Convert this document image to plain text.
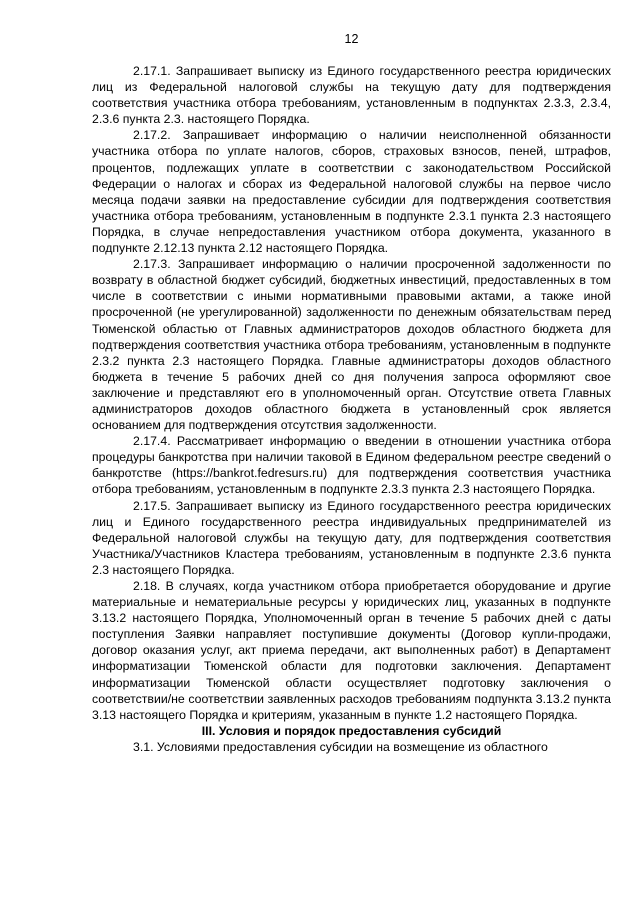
12

2.17.1. Запрашивает выписку из Единого государственного реестра юридических лиц из Федеральной налоговой службы на текущую дату для подтверждения соответствия участника отбора требованиям, установленным в подпунктах 2.3.3, 2.3.4, 2.3.6 пункта 2.3. настоящего Порядка.

2.17.2. Запрашивает информацию о наличии неисполненной обязанности участника отбора по уплате налогов, сборов, страховых взносов, пеней, штрафов, процентов, подлежащих уплате в соответствии с законодательством Российской Федерации о налогах и сборах из Федеральной налоговой службы на первое число месяца подачи заявки на предоставление субсидии для подтверждения соответствия участника отбора требованиям, установленным в подпункте 2.3.1 пункта 2.3 настоящего Порядка, в случае непредоставления участником отбора документа, указанного в подпункте 2.12.13 пункта 2.12 настоящего Порядка.

2.17.3. Запрашивает информацию о наличии просроченной задолженности по возврату в областной бюджет субсидий, бюджетных инвестиций, предоставленных в том числе в соответствии с иными нормативными правовыми актами, а также иной просроченной (не урегулированной) задолженности по денежным обязательствам перед Тюменской областью от Главных администраторов доходов областного бюджета для подтверждения соответствия участника отбора требованиям, установленным в подпункте 2.3.2 пункта 2.3 настоящего Порядка. Главные администраторы доходов областного бюджета в течение 5 рабочих дней со дня получения запроса оформляют свое заключение и представляют его в уполномоченный орган. Отсутствие ответа Главных администраторов доходов областного бюджета в установленный срок является основанием для подтверждения отсутствия задолженности.

2.17.4. Рассматривает информацию о введении в отношении участника отбора процедуры банкротства при наличии таковой в Едином федеральном реестре сведений о банкротстве (https://bankrot.fedresurs.ru) для подтверждения соответствия участника отбора требованиям, установленным в подпункте 2.3.3 пункта 2.3 настоящего Порядка.

2.17.5. Запрашивает выписку из Единого государственного реестра юридических лиц и Единого государственного реестра индивидуальных предпринимателей из Федеральной налоговой службы на текущую дату, для подтверждения соответствия Участника/Участников Кластера требованиям, установленным в подпункте 2.3.6 пункта 2.3 настоящего Порядка.

2.18. В случаях, когда участником отбора приобретается оборудование и другие материальные и нематериальные ресурсы у юридических лиц, указанных в подпункте 3.13.2 настоящего Порядка, Уполномоченный орган в течение 5 рабочих дней с даты поступления Заявки направляет поступившие документы (Договор купли-продажи, договор оказания услуг, акт приема передачи, акт выполненных работ) в Департамент информатизации Тюменской области для подготовки заключения. Департамент информатизации Тюменской области осуществляет подготовку заключения о соответствии/не соответствии заявленных расходов требованиям подпункта 3.13.2 пункта 3.13 настоящего Порядка и критериям, указанным в пункте 1.2 настоящего Порядка.

III. Условия и порядок предоставления субсидий

3.1. Условиями предоставления субсидии на возмещение из областного
